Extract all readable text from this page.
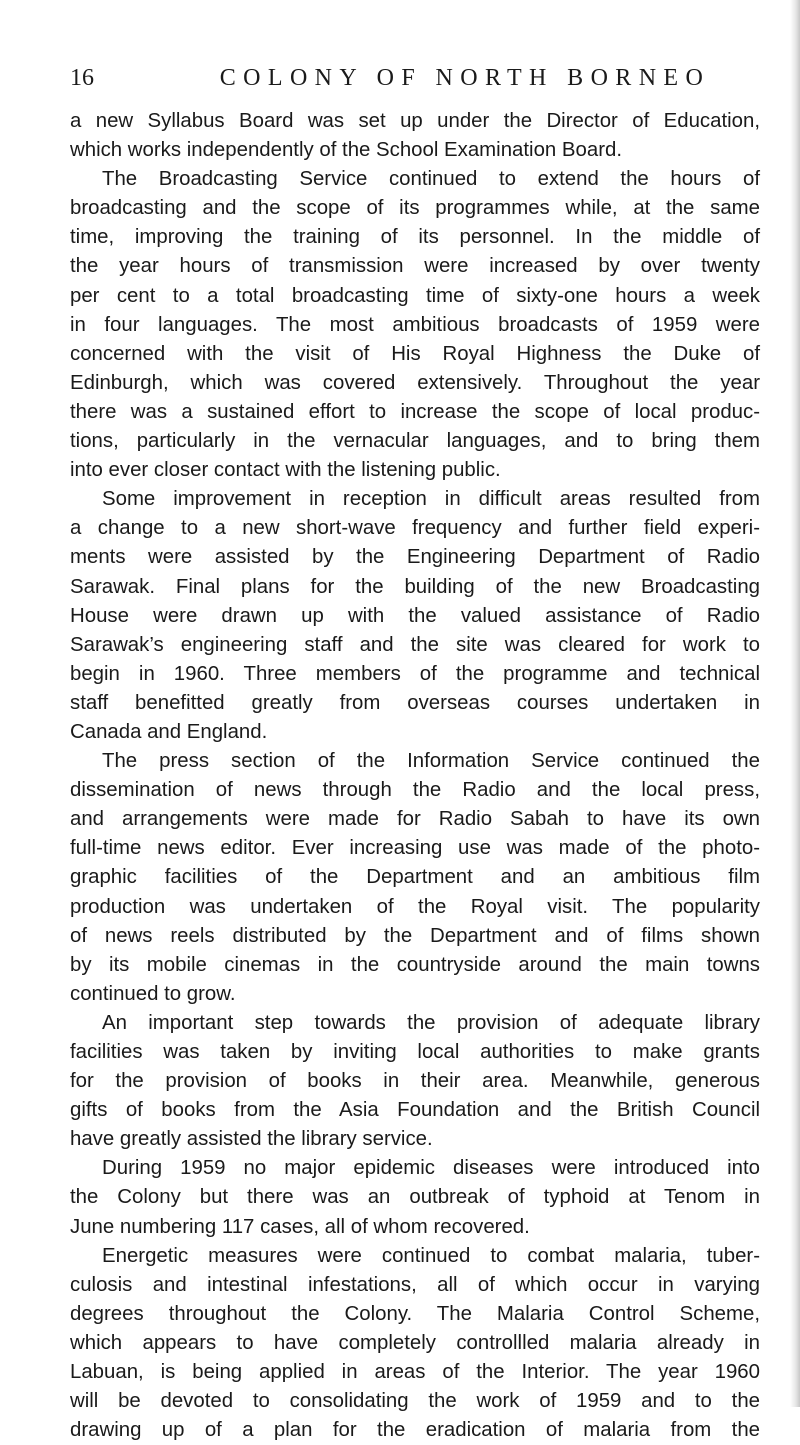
16	COLONY OF NORTH BORNEO
a new Syllabus Board was set up under the Director of Education,
which works independently of the School Examination Board.
The Broadcasting Service continued to extend the hours of
broadcasting and the scope of its programmes while, at the same
time, improving the training of its personnel. In the middle of
the year hours of transmission were increased by over twenty
per cent to a total broadcasting time of sixty-one hours a week
in four languages. The most ambitious broadcasts of 1959 were
concerned with the visit of His Royal Highness the Duke of
Edinburgh, which was covered extensively. Throughout the year
there was a sustained effort to increase the scope of local produc-
tions, particularly in the vernacular languages, and to bring them
into ever closer contact with the listening public.
Some improvement in reception in difficult areas resulted from
a change to a new short-wave frequency and further field experi-
ments were assisted by the Engineering Department of Radio
Sarawak. Final plans for the building of the new Broadcasting
House were drawn up with the valued assistance of Radio
Sarawak’s engineering staff and the site was cleared for work to
begin in 1960. Three members of the programme and technical
staff benefitted greatly from overseas courses undertaken in
Canada and England.
The press section of the Information Service continued the
dissemination of news through the Radio and the local press,
and arrangements were made for Radio Sabah to have its own
full-time news editor. Ever increasing use was made of the photo-
graphic facilities of the Department and an ambitious film
production was undertaken of the Royal visit. The popularity
of news reels distributed by the Department and of films shown
by its mobile cinemas in the countryside around the main towns
continued to grow.
An important step towards the provision of adequate library
facilities was taken by inviting local authorities to make grants
for the provision of books in their area. Meanwhile, generous
gifts of books from the Asia Foundation and the British Council
have greatly assisted the library service.
During 1959 no major epidemic diseases were introduced into
the Colony but there was an outbreak of typhoid at Tenom in
June numbering 117 cases, all of whom recovered.
Energetic measures were continued to combat malaria, tuber-
culosis and intestinal infestations, all of which occur in varying
degrees throughout the Colony. The Malaria Control Scheme,
which appears to have completely controllled malaria already in
Labuan, is being applied in areas of the Interior. The year 1960
will be devoted to consolidating the work of 1959 and to the
drawing up of a plan for the eradication of malaria from the
